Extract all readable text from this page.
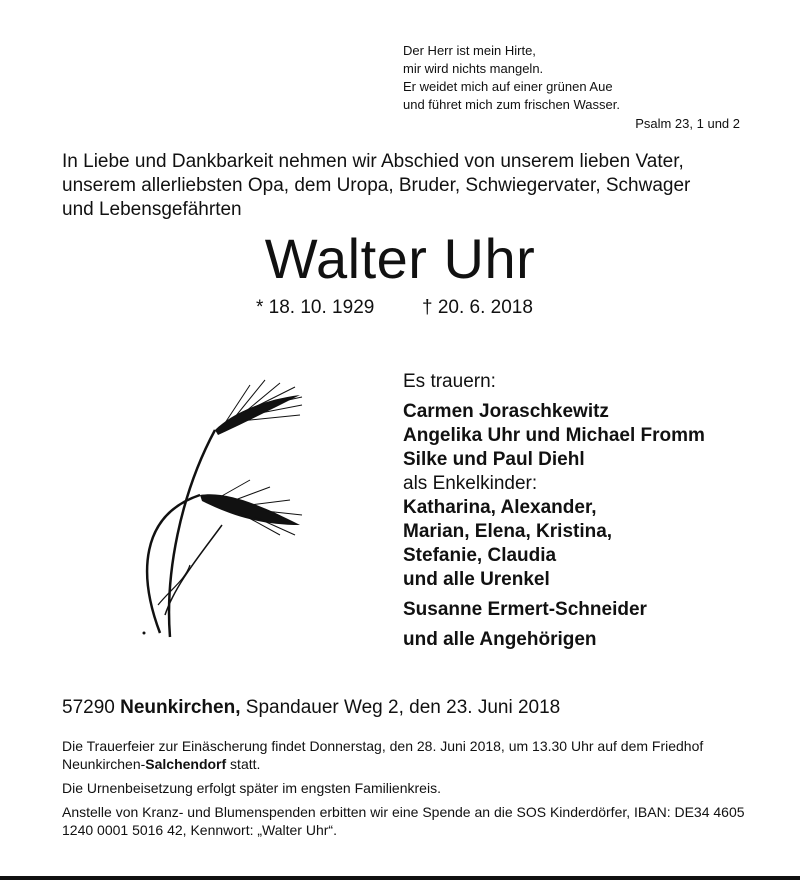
Der Herr ist mein Hirte,
mir wird nichts mangeln.
Er weidet mich auf einer grünen Aue
und führet mich zum frischen Wasser.
Psalm 23, 1 und 2
In Liebe und Dankbarkeit nehmen wir Abschied von unserem lieben Vater,
unserem allerliebsten Opa, dem Uropa, Bruder, Schwiegervater, Schwager
und Lebensgefährten
Walter Uhr
* 18. 10. 1929	† 20. 6. 2018
Es trauern:
Carmen Joraschkewitz
Angelika Uhr und Michael Fromm
Silke und Paul Diehl
als Enkelkinder:
Katharina, Alexander,
Marian, Elena, Kristina,
Stefanie, Claudia
und alle Urenkel
Susanne Ermert-Schneider
und alle Angehörigen
57290 Neunkirchen, Spandauer Weg 2, den 23. Juni 2018
Die Trauerfeier zur Einäscherung findet Donnerstag, den 28. Juni 2018, um 13.30 Uhr auf dem Friedhof Neunkirchen-Salchendorf statt.
Die Urnenbeisetzung erfolgt später im engsten Familienkreis.
Anstelle von Kranz- und Blumenspenden erbitten wir eine Spende an die SOS Kinderdörfer, IBAN: DE34 4605 1240 0001 5016 42, Kennwort: „Walter Uhr“.
